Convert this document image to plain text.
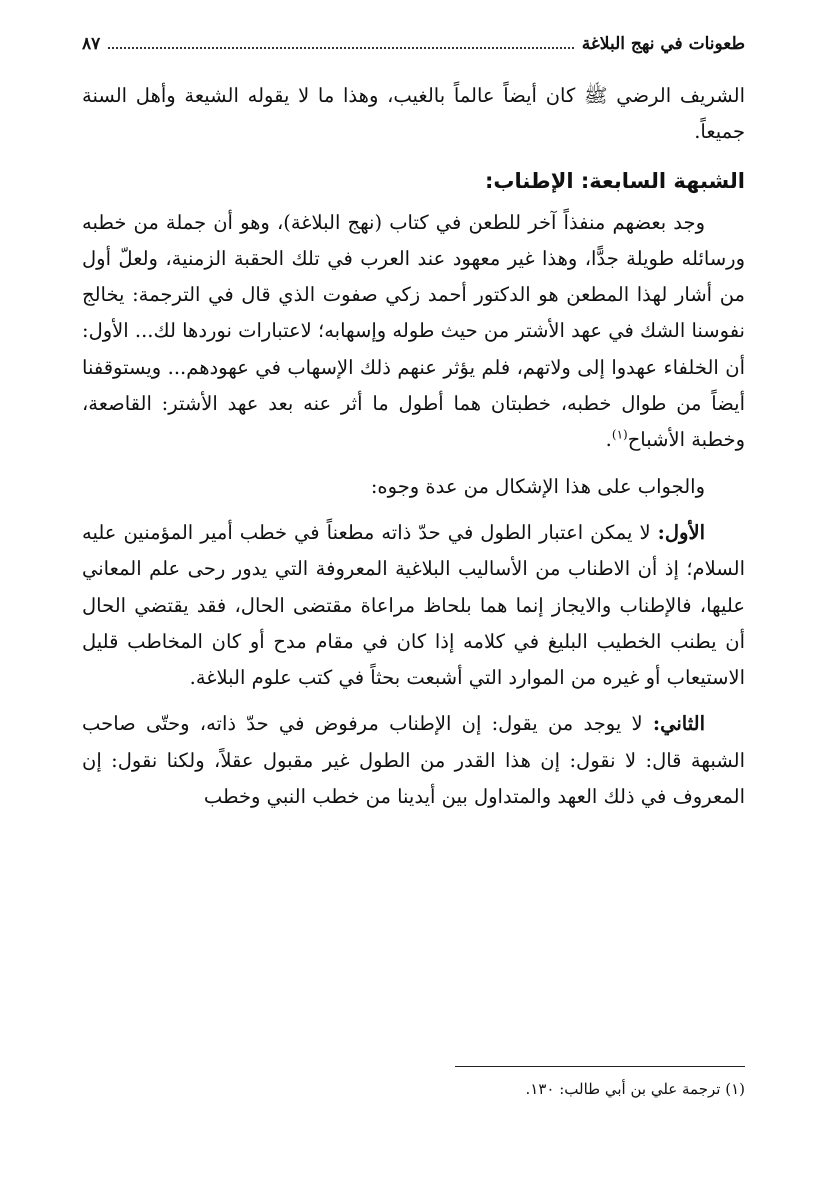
طعونات في نهج البلاغة
٨٧

الشريف الرضي ﷺ كان أيضاً عالماً بالغيب، وهذا ما لا يقوله الشيعة وأهل السنة جميعاً.

الشبهة السابعة: الإطناب:

وجد بعضهم منفذاً آخر للطعن في كتاب (نهج البلاغة)، وهو أن جملة من خطبه ورسائله طويلة جدًّا، وهذا غير معهود عند العرب في تلك الحقبة الزمنية، ولعلّ أول من أشار لهذا المطعن هو الدكتور أحمد زكي صفوت الذي قال في الترجمة: يخالج نفوسنا الشك في عهد الأشتر من حيث طوله وإسهابه؛ لاعتبارات نوردها لك... الأول: أن الخلفاء عهدوا إلى ولاتهم، فلم يؤثر عنهم ذلك الإسهاب في عهودهم... ويستوقفنا أيضاً من طوال خطبه، خطبتان هما أطول ما أثر عنه بعد عهد الأشتر: القاصعة، وخطبة الأشباح$^{(١)}$.

والجواب على هذا الإشكال من عدة وجوه:

الأول: لا يمكن اعتبار الطول في حدّ ذاته مطعناً في خطب أمير المؤمنين عليه السلام؛ إذ أن الاطناب من الأساليب البلاغية المعروفة التي يدور رحى علم المعاني عليها، فالإطناب والايجاز إنما هما بلحاظ مراعاة مقتضى الحال، فقد يقتضي الحال أن يطنب الخطيب البليغ في كلامه إذا كان في مقام مدح أو كان المخاطب قليل الاستيعاب أو غيره من الموارد التي أشبعت بحثاً في كتب علوم البلاغة.

الثاني: لا يوجد من يقول: إن الإطناب مرفوض في حدّ ذاته، وحتّى صاحب الشبهة قال: لا نقول: إن هذا القدر من الطول غير مقبول عقلاً، ولكنا نقول: إن المعروف في ذلك العهد والمتداول بين أيدينا من خطب النبي وخطب

(١) ترجمة علي بن أبي طالب: ١٣٠.
